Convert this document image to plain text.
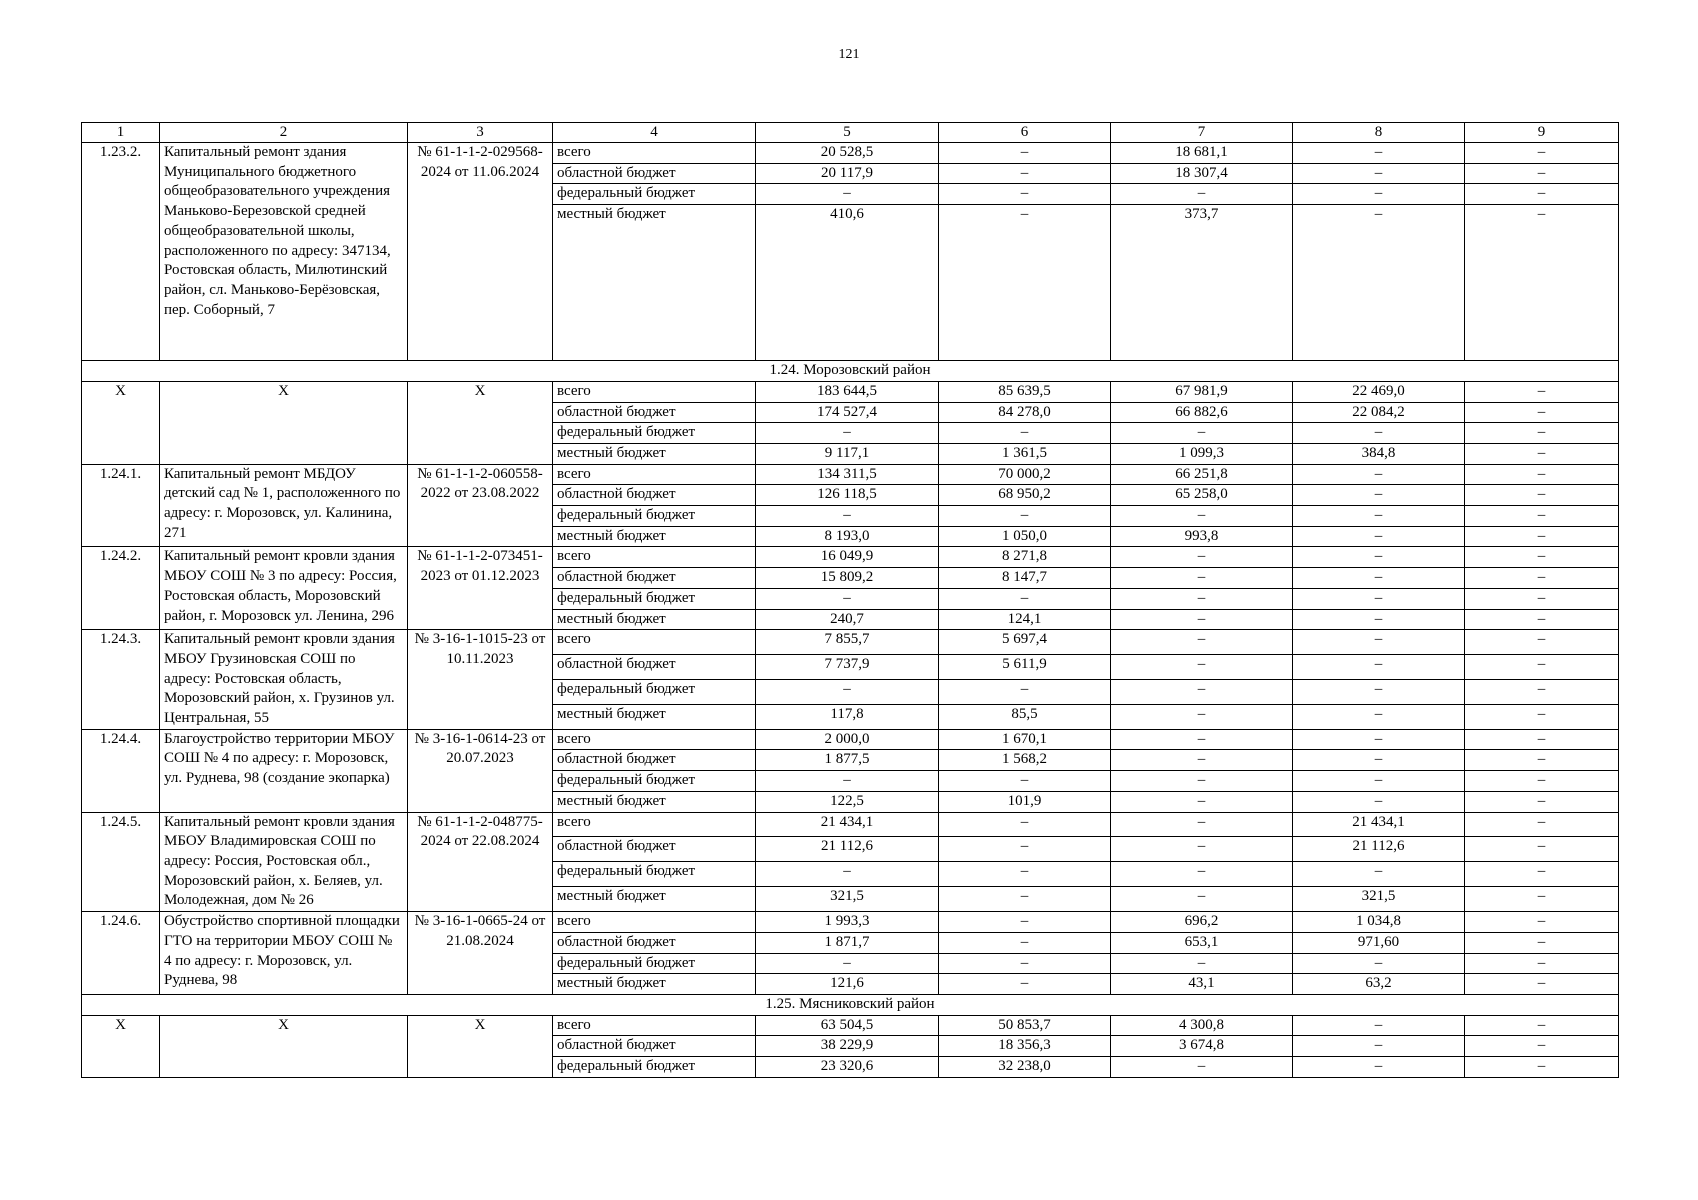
121
1	2	3	4	5	6	7	8	9
1.23.2.	Капитальный ремонт здания Муниципального бюджетного общеобразовательного учреждения Маньково-Березовской средней общеобразовательной школы, расположенного по адресу: 347134, Ростовская область, Милютинский район, сл. Маньково-Берёзовская, пер. Соборный, 7	№ 61-1-1-2-029568-2024 от 11.06.2024	всего	20 528,5	–	18 681,1	–	–
			областной бюджет	20 117,9	–	18 307,4	–	–
			федеральный бюджет	–	–	–	–	–
			местный бюджет	410,6	–	373,7	–	–
1.24. Морозовский район								
Х	Х	Х	всего	183 644,5	85 639,5	67 981,9	22 469,0	–
			областной бюджет	174 527,4	84 278,0	66 882,6	22 084,2	–
			федеральный бюджет	–	–	–	–	–
			местный бюджет	9 117,1	1 361,5	1 099,3	384,8	–
1.24.1.	Капитальный ремонт МБДОУ детский сад № 1, расположенного по адресу: г. Морозовск, ул. Калинина, 271	№ 61-1-1-2-060558-2022 от 23.08.2022	всего	134 311,5	70 000,2	66 251,8	–	–
			областной бюджет	126 118,5	68 950,2	65 258,0	–	–
			федеральный бюджет	–	–	–	–	–
			местный бюджет	8 193,0	1 050,0	993,8	–	–
1.24.2.	Капитальный ремонт кровли здания МБОУ СОШ № 3 по адресу: Россия, Ростовская область, Морозовский район, г. Морозовск ул. Ленина, 296	№ 61-1-1-2-073451-2023 от 01.12.2023	всего	16 049,9	8 271,8	–	–	–
			областной бюджет	15 809,2	8 147,7	–	–	–
			федеральный бюджет	–	–	–	–	–
			местный бюджет	240,7	124,1	–	–	–
1.24.3.	Капитальный ремонт кровли здания МБОУ Грузиновская СОШ по адресу: Ростовская область, Морозовский район, х. Грузинов ул. Центральная, 55	№ 3-16-1-1015-23 от 10.11.2023	всего	7 855,7	5 697,4	–	–	–
			областной бюджет	7 737,9	5 611,9	–	–	–
			федеральный бюджет	–	–	–	–	–
			местный бюджет	117,8	85,5	–	–	–
1.24.4.	Благоустройство территории МБОУ СОШ № 4 по адресу: г. Морозовск, ул. Руднева, 98 (создание экопарка)	№ 3-16-1-0614-23 от 20.07.2023	всего	2 000,0	1 670,1	–	–	–
			областной бюджет	1 877,5	1 568,2	–	–	–
			федеральный бюджет	–	–	–	–	–
			местный бюджет	122,5	101,9	–	–	–
1.24.5.	Капитальный ремонт кровли здания МБОУ Владимировская СОШ по адресу: Россия, Ростовская обл., Морозовский район, х. Беляев, ул. Молодежная, дом № 26	№ 61-1-1-2-048775-2024 от 22.08.2024	всего	21 434,1	–	–	21 434,1	–
			областной бюджет	21 112,6	–	–	21 112,6	–
			федеральный бюджет	–	–	–	–	–
			местный бюджет	321,5	–	–	321,5	–
1.24.6.	Обустройство спортивной площадки ГТО на территории МБОУ СОШ № 4 по адресу: г. Морозовск, ул. Руднева, 98	№ 3-16-1-0665-24 от 21.08.2024	всего	1 993,3	–	696,2	1 034,8	–
			областной бюджет	1 871,7	–	653,1	971,60	–
			федеральный бюджет	–	–	–	–	–
			местный бюджет	121,6	–	43,1	63,2	–
1.25. Мясниковский район								
Х	Х	Х	всего	63 504,5	50 853,7	4 300,8	–	–
			областной бюджет	38 229,9	18 356,3	3 674,8	–	–
			федеральный бюджет	23 320,6	32 238,0	–	–	–
